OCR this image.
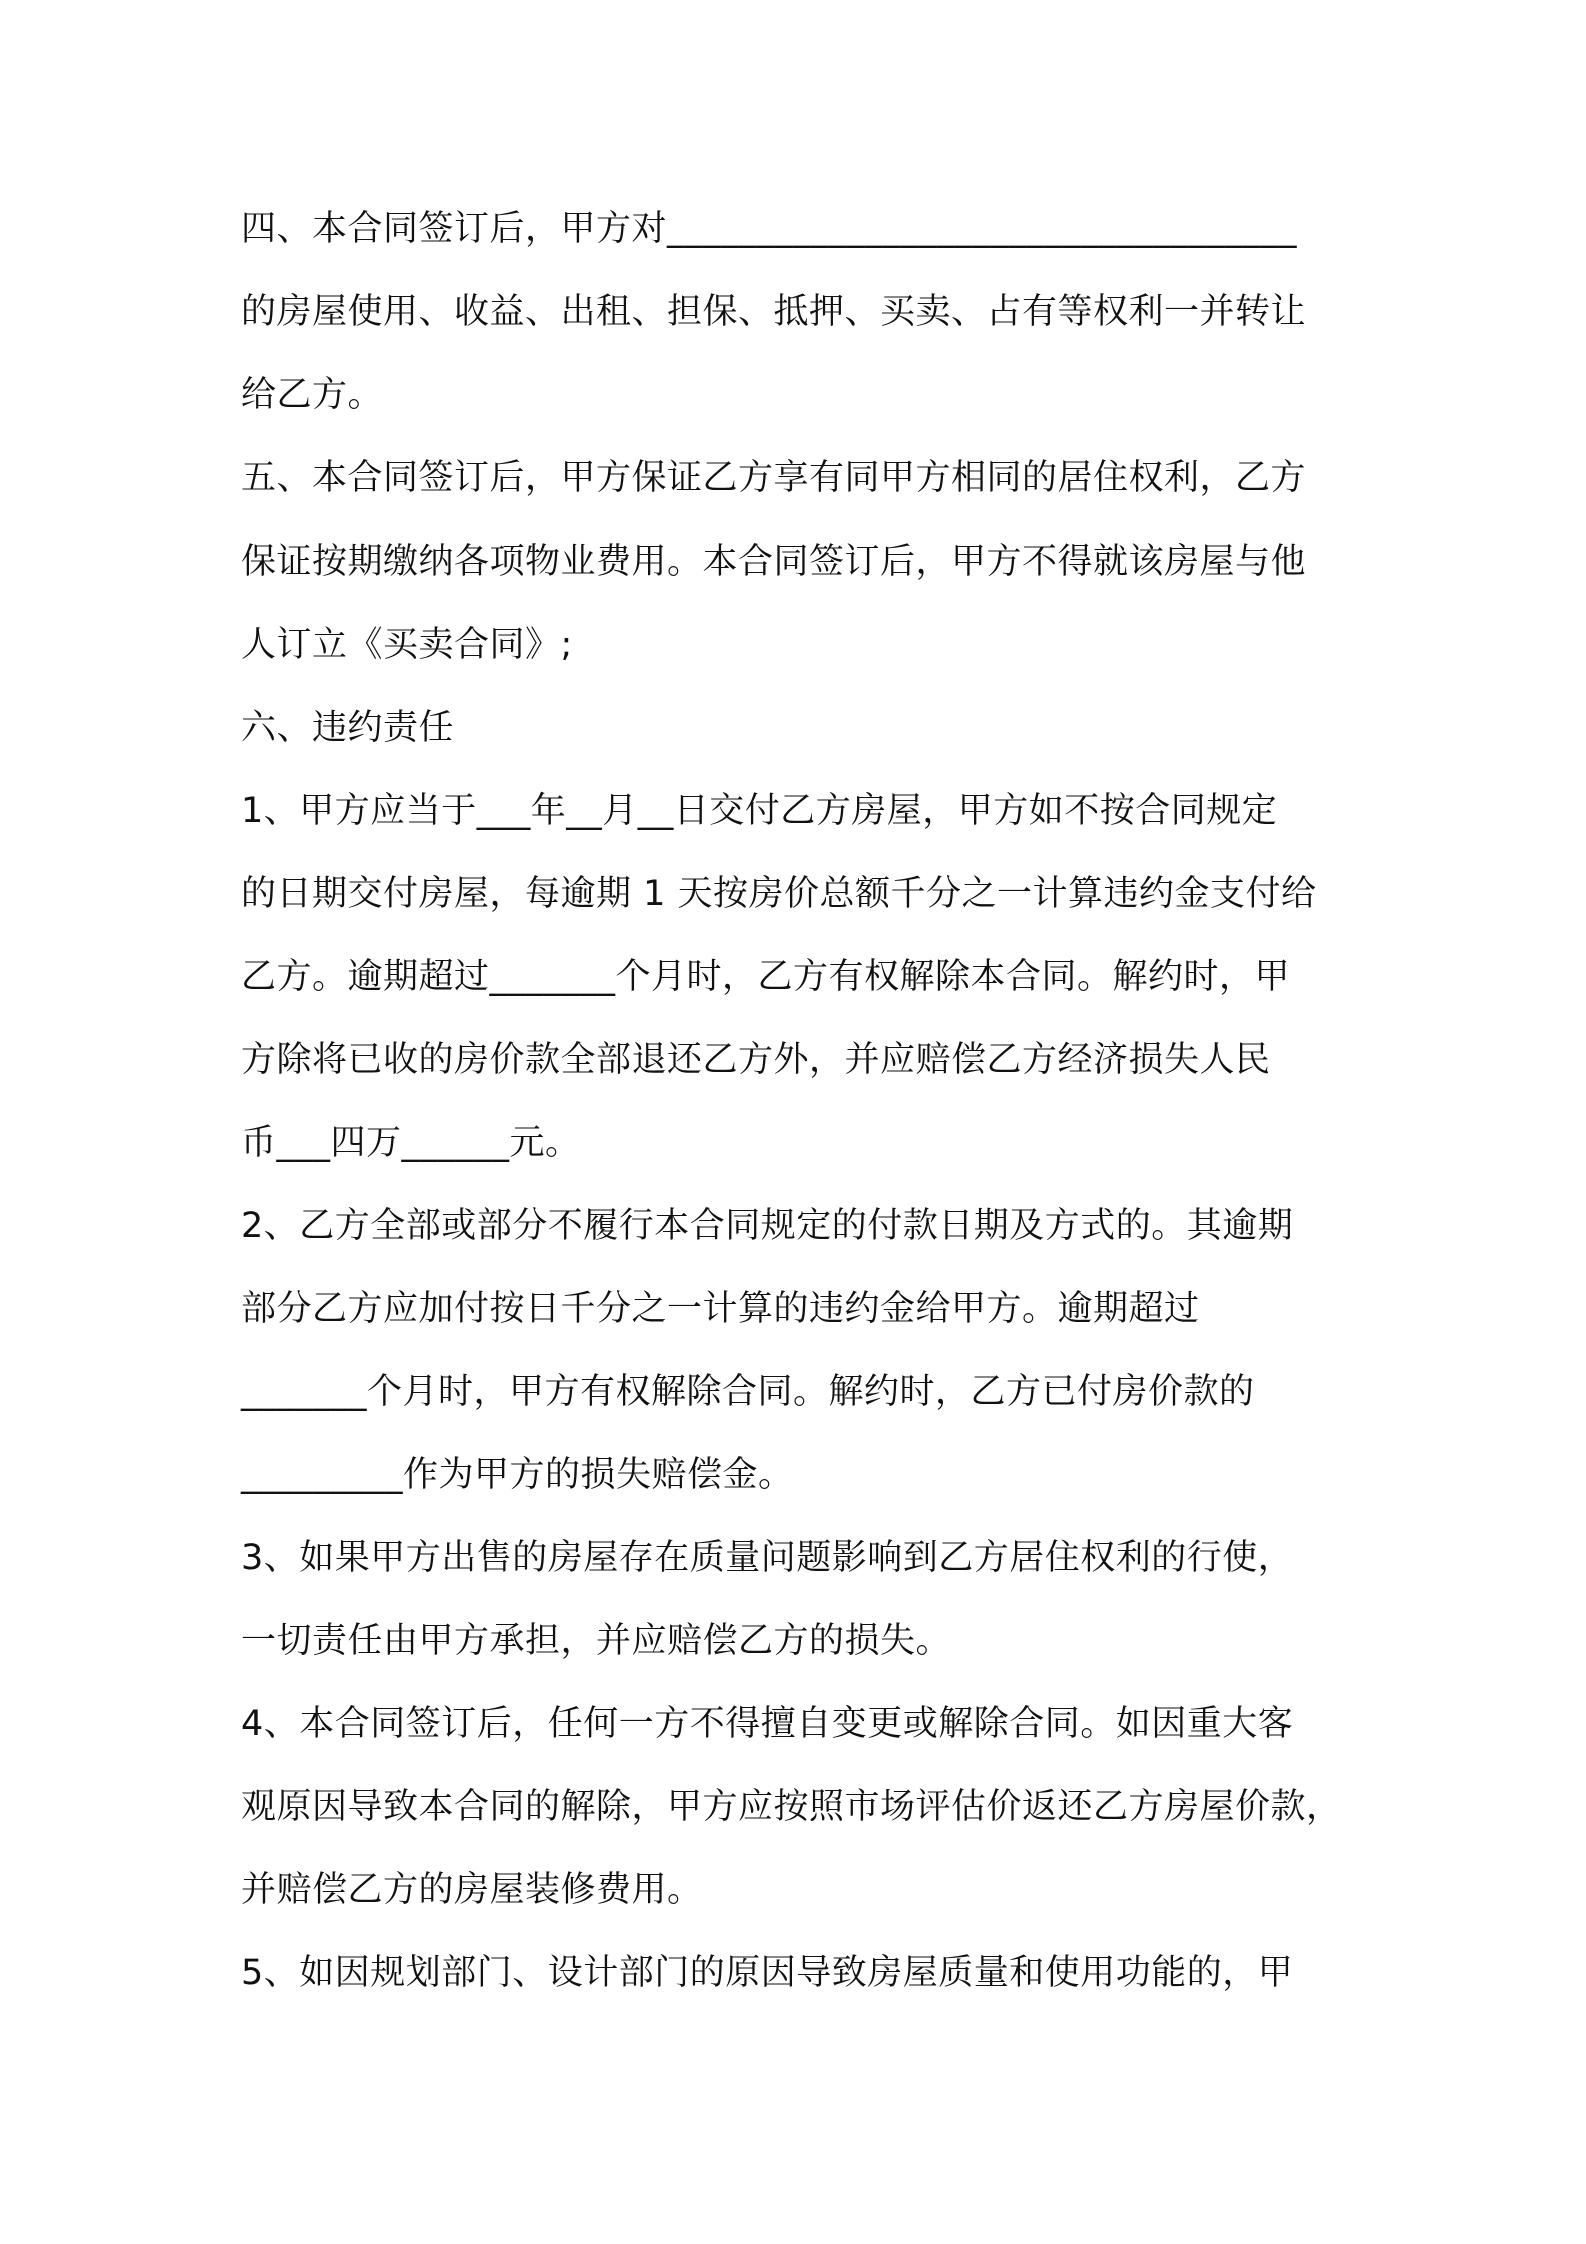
四、本合同签订后，甲方对___________________________________
的房屋使用、收益、出租、担保、抵押、买卖、占有等权利一并转让
给乙方。
五、本合同签订后，甲方保证乙方享有同甲方相同的居住权利，乙方
保证按期缴纳各项物业费用。本合同签订后，甲方不得就该房屋与他
人订立《买卖合同》;
六、违约责任
1、甲方应当于___年__月__日交付乙方房屋，甲方如不按合同规定
的日期交付房屋，每逾期 1 天按房价总额千分之一计算违约金支付给
乙方。逾期超过_______个月时，乙方有权解除本合同。解约时，甲
方除将已收的房价款全部退还乙方外，并应赔偿乙方经济损失人民
币___四万______元。
2、乙方全部或部分不履行本合同规定的付款日期及方式的。其逾期
部分乙方应加付按日千分之一计算的违约金给甲方。逾期超过
_______个月时，甲方有权解除合同。解约时，乙方已付房价款的
_________作为甲方的损失赔偿金。
3、如果甲方出售的房屋存在质量问题影响到乙方居住权利的行使，
一切责任由甲方承担，并应赔偿乙方的损失。
4、本合同签订后，任何一方不得擅自变更或解除合同。如因重大客
观原因导致本合同的解除，甲方应按照市场评估价返还乙方房屋价款，
并赔偿乙方的房屋装修费用。
5、如因规划部门、设计部门的原因导致房屋质量和使用功能的，甲
